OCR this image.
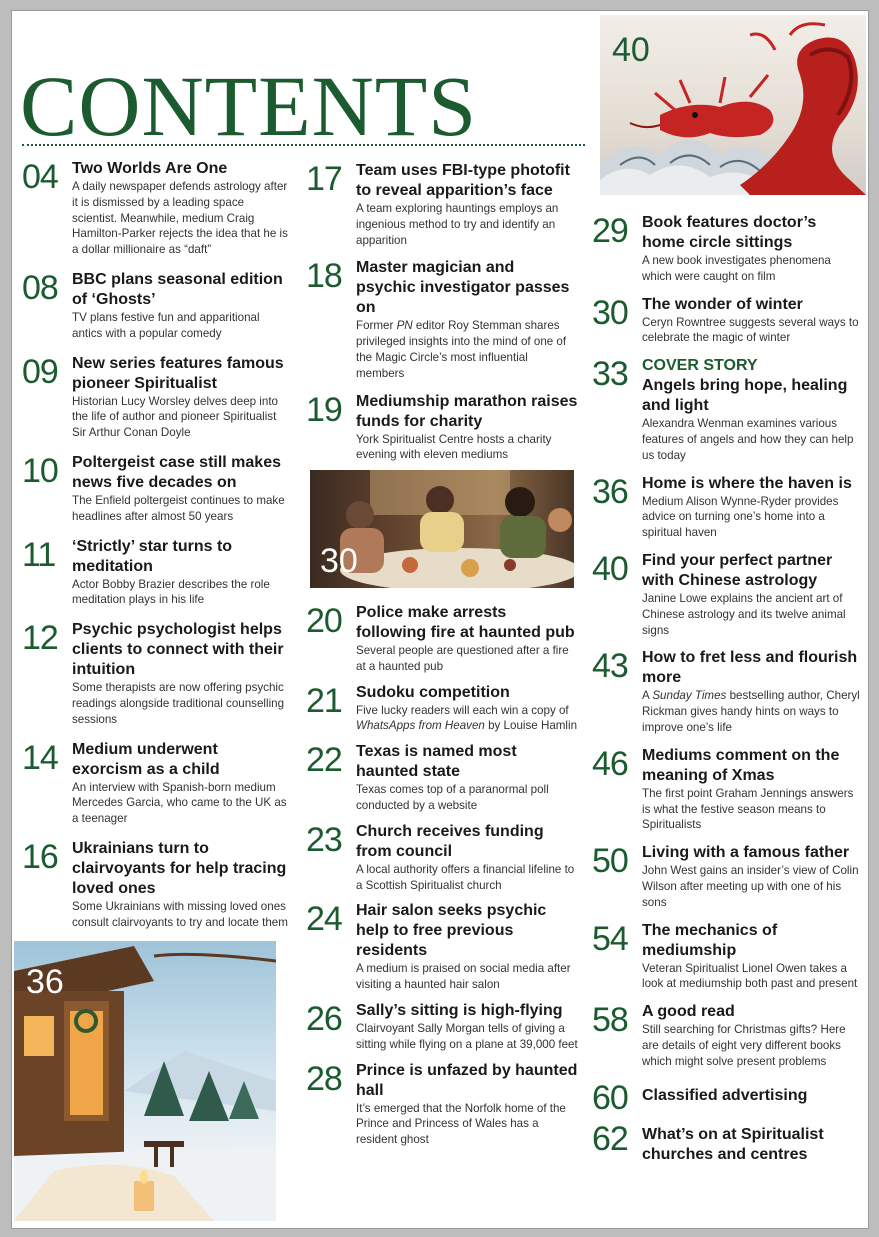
CONTENTS
40
04 Two Worlds Are One
A daily newspaper defends astrology after it is dismissed by a leading space scientist. Meanwhile, medium Craig Hamilton-Parker rejects the idea that he is a dollar millionaire as “daft”
08 BBC plans seasonal edition of ‘Ghosts’
TV plans festive fun and apparitional antics with a popular comedy
09 New series features famous pioneer Spiritualist
Historian Lucy Worsley delves deep into the life of author and pioneer Spiritualist Sir Arthur Conan Doyle
10 Poltergeist case still makes news five decades on
The Enfield poltergeist continues to make headlines after almost 50 years
11	‘Strictly’ star turns to meditation
Actor Bobby Brazier describes the role meditation plays in his life
12 Psychic psychologist helps clients to connect with their intuition
Some therapists are now offering psychic readings alongside traditional counselling sessions
14 Medium underwent exorcism as a child
An interview with Spanish-born medium Mercedes Garcia, who came to the UK as a teenager
16 Ukrainians turn to clairvoyants for help tracing loved ones
Some Ukrainians with missing loved ones consult clairvoyants to try and locate them
36
17 Team uses FBI-type photofit to reveal apparition’s face
A team exploring hauntings employs an ingenious method to try and identify an apparition
18 Master magician and psychic investigator passes on
Former PN editor Roy Stemman shares privileged insights into the mind of one of the Magic Circle’s most influential members
19 Mediumship marathon raises funds for charity
York Spiritualist Centre hosts a charity evening with eleven mediums
30
20 Police make arrests following fire at haunted pub
Several people are questioned after a fire at a haunted pub
21 Sudoku competition
Five lucky readers will each win a copy of WhatsApps from Heaven by Louise Hamlin
22 Texas is named most haunted state
Texas comes top of a paranormal poll conducted by a website
23 Church receives funding from council
A local authority offers a financial lifeline to a Scottish Spiritualist church
24 Hair salon seeks psychic help to free previous residents
A medium is praised on social media after visiting a haunted hair salon
26 Sally’s sitting is high-flying
Clairvoyant Sally Morgan tells of giving a sitting while flying on a plane at 39,000 feet
28 Prince is unfazed by haunted hall
It’s emerged that the Norfolk home of the Prince and Princess of Wales has a resident ghost
29 Book features doctor’s home circle sittings
A new book investigates phenomena which were caught on film
30 The wonder of winter
Ceryn Rowntree suggests several ways to celebrate the magic of winter
33 COVER STORY
Angels bring hope, healing and light
Alexandra Wenman examines various features of angels and how they can help us today
36 Home is where the haven is
Medium Alison Wynne-Ryder provides advice on turning one’s home into a spiritual haven
40 Find your perfect partner with Chinese astrology
Janine Lowe explains the ancient art of Chinese astrology and its twelve animal signs
43 How to fret less and flourish more
A Sunday Times bestselling author, Cheryl Rickman gives handy hints on ways to improve one’s life
46 Mediums comment on the meaning of Xmas
The first point Graham Jennings answers is what the festive season means to Spiritualists
50 Living with a famous father
John West gains an insider’s view of Colin Wilson after meeting up with one of his sons
54 The mechanics of mediumship
Veteran Spiritualist Lionel Owen takes a look at mediumship both past and present
58 A good read
Still searching for Christmas gifts? Here are details of eight very different books which might solve present problems
60 Classified advertising
62 What’s on at Spiritualist churches and centres
